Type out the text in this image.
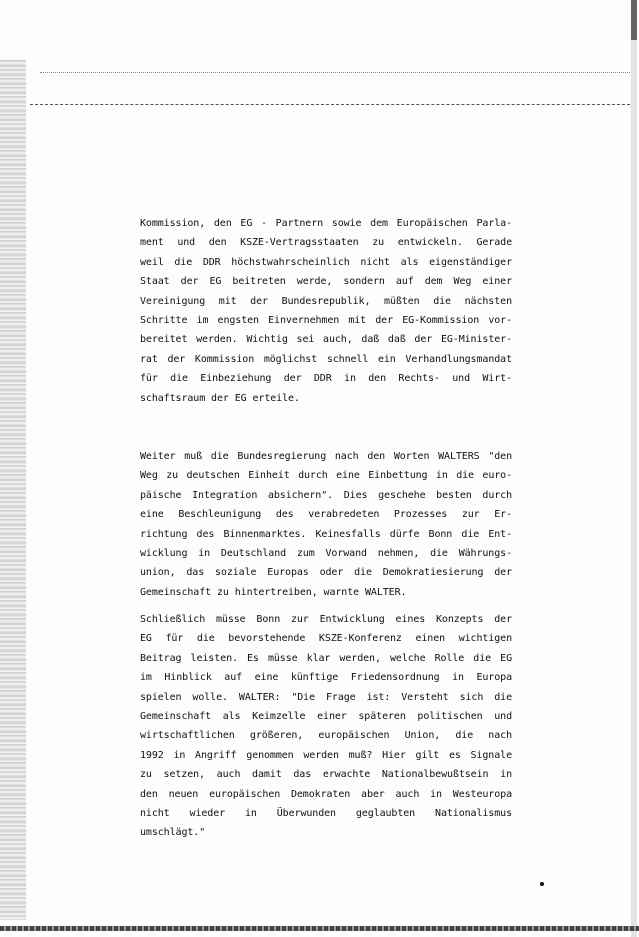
Kommission, den EG - Partnern sowie dem Europäischen Parla-
ment und den KSZE-Vertragsstaaten zu entwickeln. Gerade
weil die DDR höchstwahrscheinlich nicht als eigenständiger
Staat der EG beitreten werde, sondern auf dem Weg einer
Vereinigung mit der Bundesrepublik, müßten die nächsten
Schritte im engsten Einvernehmen mit der EG-Kommission vor-
bereitet werden. Wichtig sei auch, daß daß der EG-Minister-
rat der Kommission möglichst schnell ein Verhandlungsmandat
für die Einbeziehung der DDR in den Rechts- und Wirt-
schaftsraum der EG erteile.
Weiter muß die Bundesregierung nach den Worten WALTERS "den
Weg zu deutschen Einheit durch eine Einbettung in die euro-
päische Integration absichern". Dies geschehe besten durch
eine Beschleunigung des verabredeten Prozesses zur Er-
richtung des Binnenmarktes. Keinesfalls dürfe Bonn die Ent-
wicklung in Deutschland zum Vorwand nehmen, die Währungs-
union, das soziale Europas oder die Demokratiesierung der
Gemeinschaft zu hintertreiben, warnte WALTER.
Schließlich müsse Bonn zur Entwicklung eines Konzepts der
EG für die bevorstehende KSZE-Konferenz einen wichtigen
Beitrag leisten. Es müsse klar werden, welche Rolle die EG
im Hinblick auf eine künftige Friedensordnung in Europa
spielen wolle. WALTER: "Die Frage ist: Versteht sich die
Gemeinschaft als Keimzelle einer späteren politischen und
wirtschaftlichen größeren, europäischen Union, die nach
1992 in Angriff genommen werden muß? Hier gilt es Signale
zu setzen, auch damit das erwachte Nationalbewußtsein in
den neuen europäischen Demokraten aber auch in Westeuropa
nicht wieder in Überwunden geglaubten Nationalismus
umschlägt."
